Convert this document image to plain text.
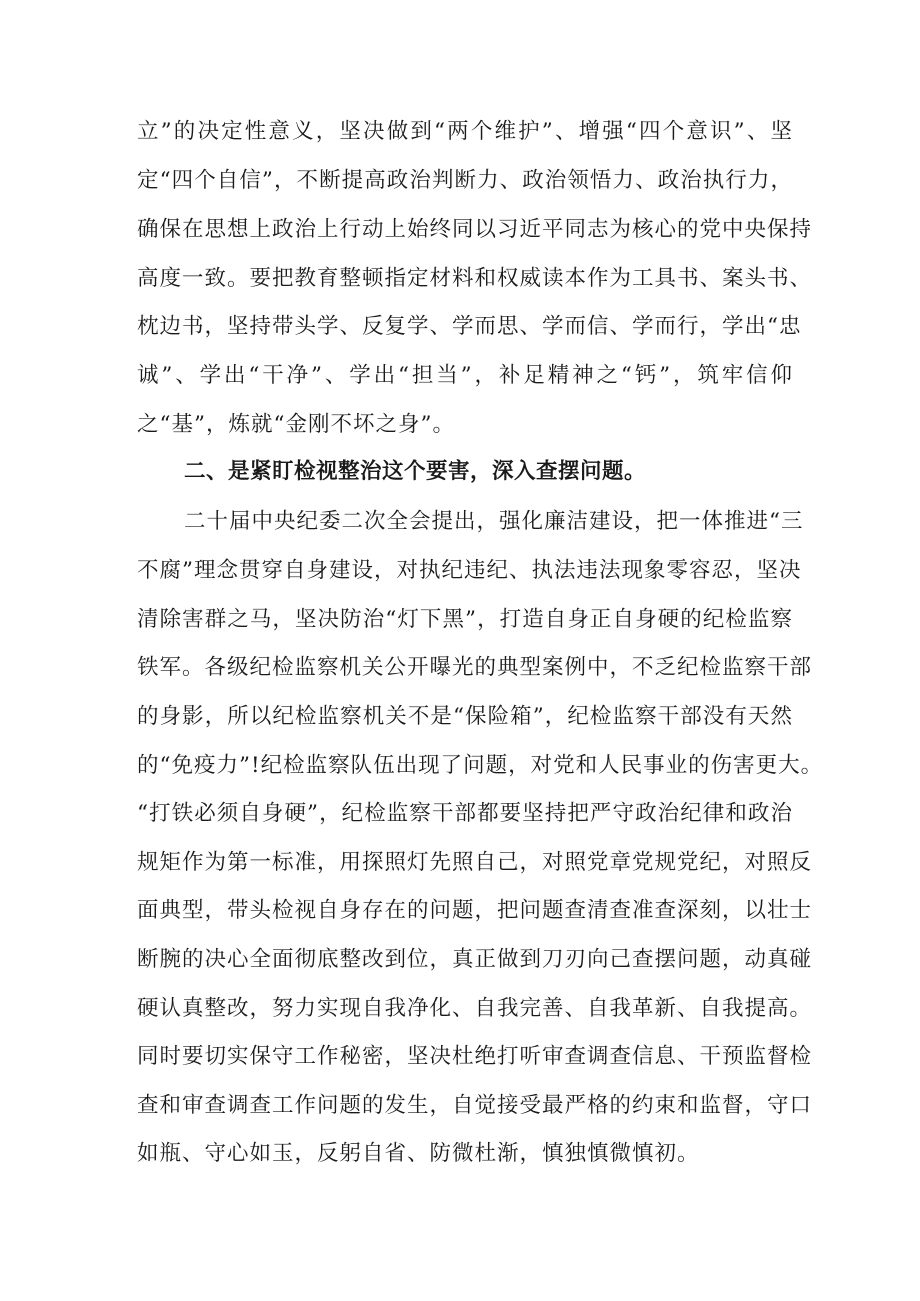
立”的决定性意义，坚决做到“两个维护”、增强“四个意识”、坚
定“四个自信”，不断提高政治判断力、政治领悟力、政治执行力，
确保在思想上政治上行动上始终同以习近平同志为核心的党中央保持
高度一致。要把教育整顿指定材料和权威读本作为工具书、案头书、
枕边书，坚持带头学、反复学、学而思、学而信、学而行，学出“忠
诚”、学出“干净”、学出“担当”，补足精神之“钙”，筑牢信仰
之“基”，炼就“金刚不坏之身”。
二、是紧盯检视整治这个要害，深入查摆问题。
二十届中央纪委二次全会提出，强化廉洁建设，把一体推进“三
不腐”理念贯穿自身建设，对执纪违纪、执法违法现象零容忍，坚决
清除害群之马，坚决防治“灯下黑”，打造自身正自身硬的纪检监察
铁军。各级纪检监察机关公开曝光的典型案例中，不乏纪检监察干部
的身影，所以纪检监察机关不是“保险箱”，纪检监察干部没有天然
的“免疫力”!纪检监察队伍出现了问题，对党和人民事业的伤害更大。
“打铁必须自身硬”，纪检监察干部都要坚持把严守政治纪律和政治
规矩作为第一标准，用探照灯先照自己，对照党章党规党纪，对照反
面典型，带头检视自身存在的问题，把问题查清查准查深刻，以壮士
断腕的决心全面彻底整改到位，真正做到刀刃向己查摆问题，动真碰
硬认真整改，努力实现自我净化、自我完善、自我革新、自我提高。
同时要切实保守工作秘密，坚决杜绝打听审查调查信息、干预监督检
查和审查调查工作问题的发生，自觉接受最严格的约束和监督，守口
如瓶、守心如玉，反躬自省、防微杜渐，慎独慎微慎初。
